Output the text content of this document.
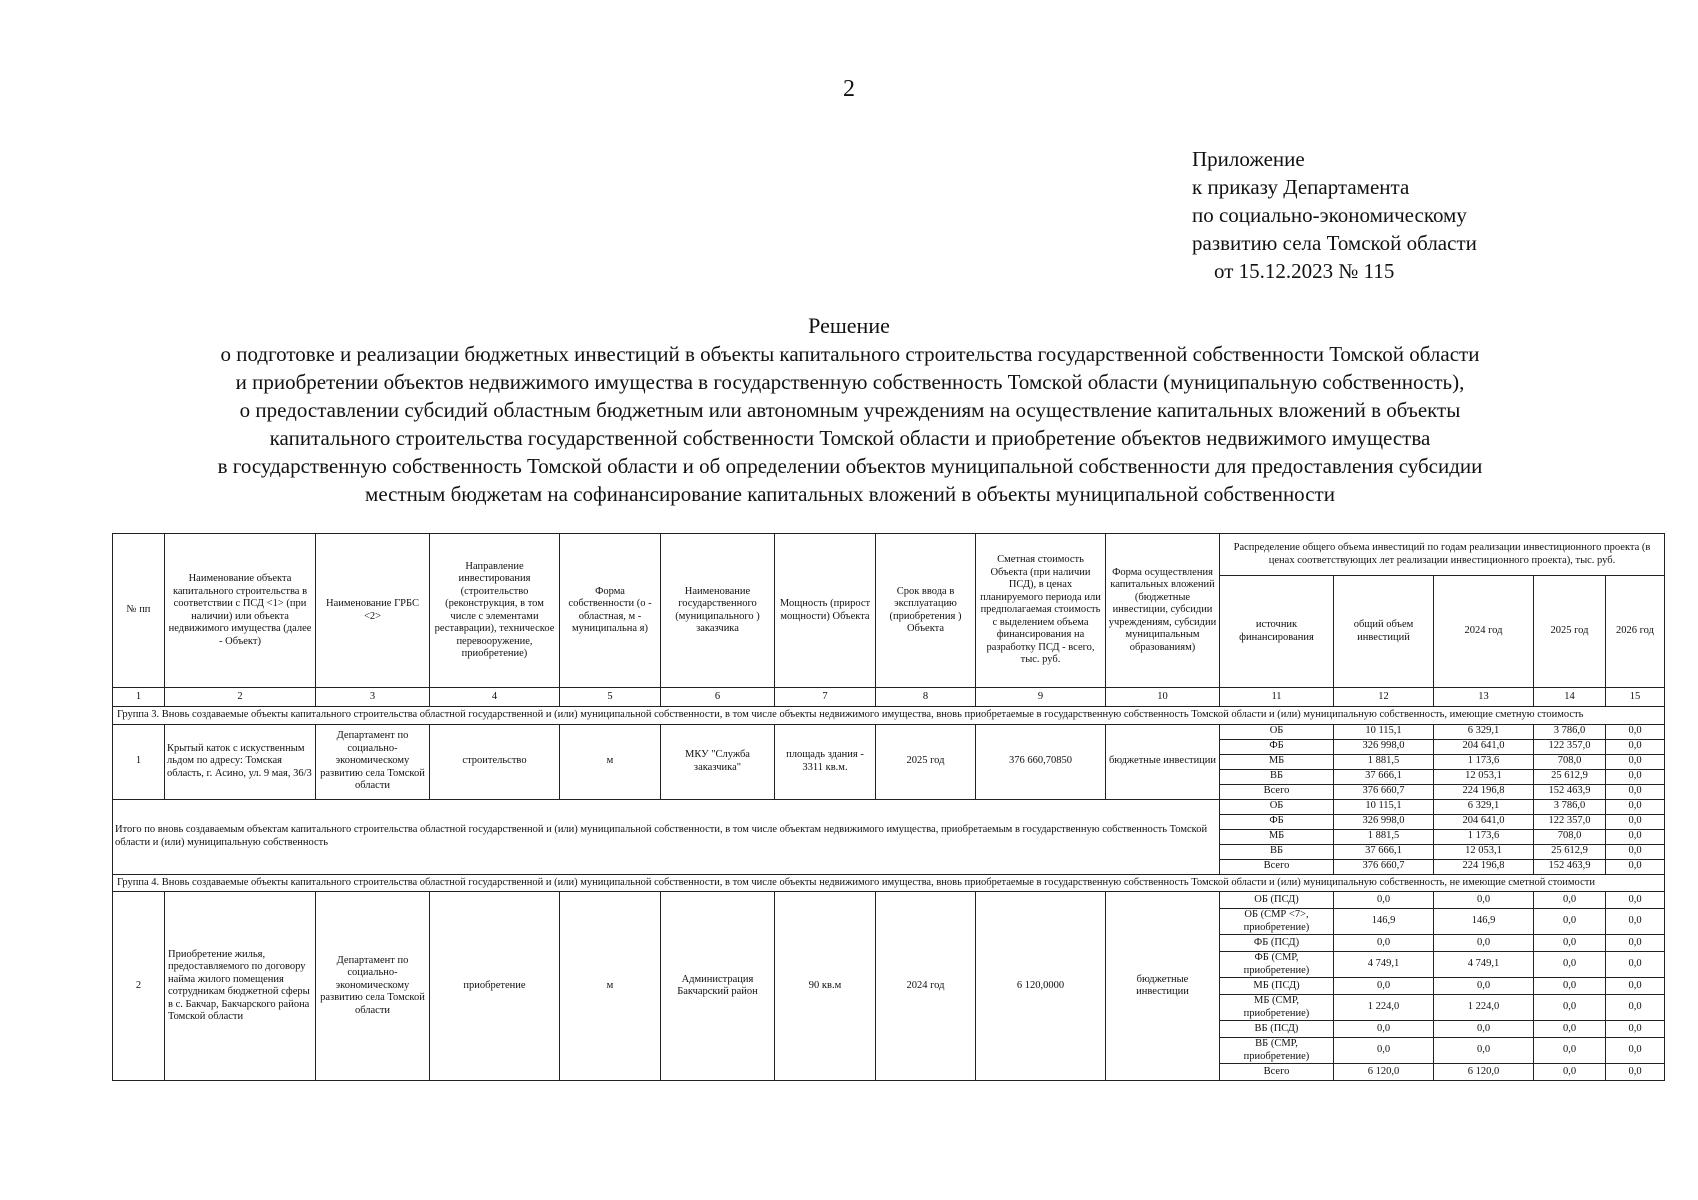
2
Приложение
к приказу Департамента
по социально-экономическому
развитию села Томской области
от 15.12.2023 № 115
Решение
о подготовке и реализации бюджетных инвестиций в объекты капитального строительства государственной собственности Томской области
и приобретении объектов недвижимого имущества в государственную собственность Томской области (муниципальную собственность),
о предоставлении субсидий областным бюджетным или автономным учреждениям на осуществление капитальных вложений в объекты
капитального строительства государственной собственности Томской области и приобретение объектов недвижимого имущества
в государственную собственность Томской области и об определении объектов муниципальной собственности для предоставления субсидии
местным бюджетам на софинансирование капитальных вложений в объекты муниципальной собственности
№ пп	Наименование объекта капитального строительства в соответствии с ПСД <1> (при наличии) или объекта недвижимого имущества (далее - Объект)	Наименование ГРБС <2>	Направление инвестирования (строительство (реконструкция, в том числе с элементами реставрации), техническое перевооружение, приобретение)	Форма собственности (о - областная, м - муниципальна я)	Наименование государственного (муниципального ) заказчика	Мощность (прирост мощности) Объекта	Срок ввода в эксплуатацию (приобретения ) Объекта	Сметная стоимость Объекта (при наличии ПСД), в ценах планируемого периода или предполагаемая стоимость с выделением объема финансирования на разработку ПСД - всего, тыс. руб.	Форма осуществления капитальных вложений (бюджетные инвестиции, субсидии учреждениям, субсидии муниципальным образованиям)	Распределение общего объема инвестиций по годам реализации инвестиционного проекта (в ценах соответствующих лет реализации инвестиционного проекта), тыс. руб.				
										источник финансирования	общий объем инвестиций	2024 год	2025 год	2026 год
1	2	3	4	5	6	7	8	9	10	11	12	13	14	15
Группа 3. Вновь создаваемые объекты капитального строительства областной государственной и (или) муниципальной собственности, в том числе объекты недвижимого имущества, вновь приобретаемые в государственную собственность Томской области и (или) муниципальную собственность, имеющие сметную стоимость														
1	Крытый каток с искуственным льдом по адресу: Томская область, г. Асино, ул. 9 мая, 36/3	Департамент по социально-экономическому развитию села Томской области	строительство	м	МКУ "Служба заказчика"	площадь здания - 3311 кв.м.	2025 год	376 660,70850	бюджетные инвестиции	ОБ	10 115,1	6 329,1	3 786,0	0,0
										ФБ	326 998,0	204 641,0	122 357,0	0,0
										МБ	1 881,5	1 173,6	708,0	0,0
										ВБ	37 666,1	12 053,1	25 612,9	0,0
										Всего	376 660,7	224 196,8	152 463,9	0,0
Итого по вновь создаваемым объектам капитального строительства областной государственной и (или) муниципальной собственности, в том числе объектам недвижимого имущества, приобретаемым в государственную собственность Томской области и (или) муниципальную собственность										ОБ	10 115,1	6 329,1	3 786,0	0,0
										ФБ	326 998,0	204 641,0	122 357,0	0,0
										МБ	1 881,5	1 173,6	708,0	0,0
										ВБ	37 666,1	12 053,1	25 612,9	0,0
										Всего	376 660,7	224 196,8	152 463,9	0,0
Группа 4. Вновь создаваемые объекты капитального строительства областной государственной и (или) муниципальной собственности, в том числе объекты недвижимого имущества, вновь приобретаемые в государственную собственность Томской области и (или) муниципальную собственность, не имеющие сметной стоимости														
2	Приобретение жилья, предоставляемого по договору найма жилого помещения сотрудникам бюджетной сферы в с. Бакчар, Бакчарского района Томской области	Департамент по социально-экономическому развитию села Томской области	приобретение	м	Администрация Бакчарский район	90 кв.м	2024 год	6 120,0000	бюджетные инвестиции	ОБ (ПСД)	0,0	0,0	0,0	0,0
										ОБ (СМР <7>, приобретение)	146,9	146,9	0,0	0,0
										ФБ (ПСД)	0,0	0,0	0,0	0,0
										ФБ (СМР, приобретение)	4 749,1	4 749,1	0,0	0,0
										МБ (ПСД)	0,0	0,0	0,0	0,0
										МБ (СМР, приобретение)	1 224,0	1 224,0	0,0	0,0
										ВБ (ПСД)	0,0	0,0	0,0	0,0
										ВБ (СМР, приобретение)	0,0	0,0	0,0	0,0
										Всего	6 120,0	6 120,0	0,0	0,0
